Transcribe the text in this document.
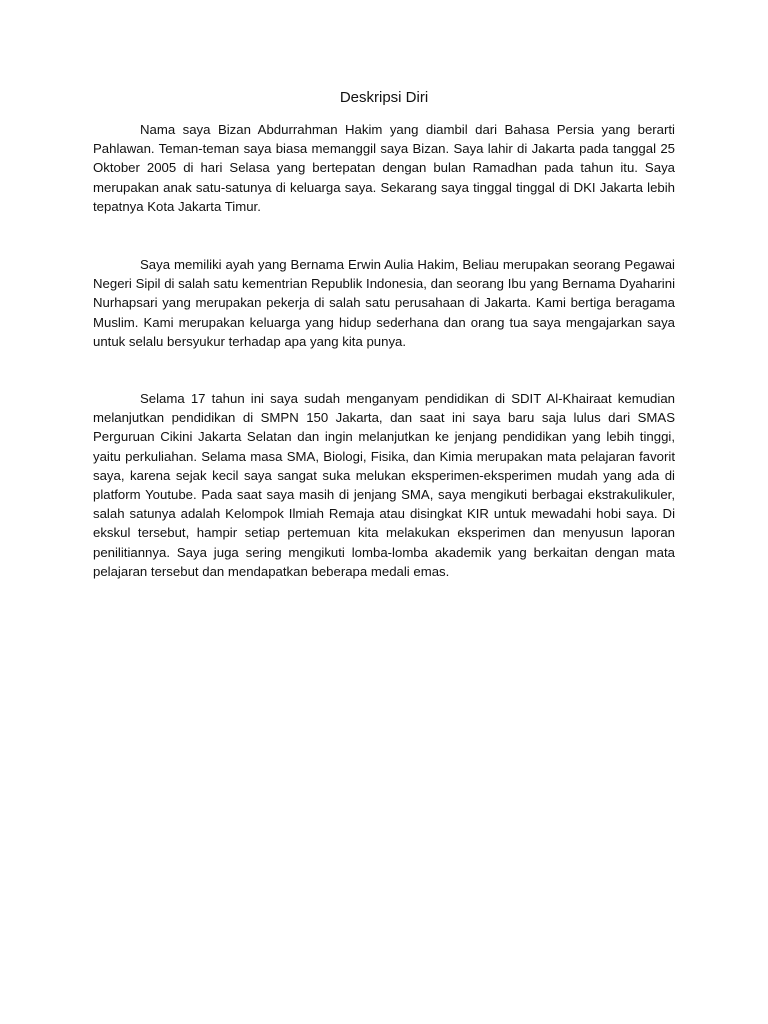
Deskripsi Diri

Nama saya Bizan Abdurrahman Hakim yang diambil dari Bahasa Persia yang berarti Pahlawan. Teman-teman saya biasa memanggil saya Bizan. Saya lahir di Jakarta pada tanggal 25 Oktober 2005 di hari Selasa yang bertepatan dengan bulan Ramadhan pada tahun itu. Saya merupakan anak satu-satunya di keluarga saya. Sekarang saya tinggal tinggal di DKI Jakarta lebih tepatnya Kota Jakarta Timur.

Saya memiliki ayah yang Bernama Erwin Aulia Hakim, Beliau merupakan seorang Pegawai Negeri Sipil di salah satu kementrian Republik Indonesia, dan seorang Ibu yang Bernama Dyaharini Nurhapsari yang merupakan pekerja di salah satu perusahaan di Jakarta. Kami bertiga beragama Muslim. Kami merupakan keluarga yang hidup sederhana dan orang tua saya mengajarkan saya untuk selalu bersyukur terhadap apa yang kita punya.

Selama 17 tahun ini saya sudah menganyam pendidikan di SDIT Al-Khairaat kemudian melanjutkan pendidikan di SMPN 150 Jakarta, dan saat ini saya baru saja lulus dari SMAS Perguruan Cikini Jakarta Selatan dan ingin melanjutkan ke jenjang pendidikan yang lebih tinggi, yaitu perkuliahan. Selama masa SMA, Biologi, Fisika, dan Kimia merupakan mata pelajaran favorit saya, karena sejak kecil saya sangat suka melukan eksperimen-eksperimen mudah yang ada di platform Youtube. Pada saat saya masih di jenjang SMA, saya mengikuti berbagai ekstrakulikuler, salah satunya adalah Kelompok Ilmiah Remaja atau disingkat KIR untuk mewadahi hobi saya. Di ekskul tersebut, hampir setiap pertemuan kita melakukan eksperimen dan menyusun laporan penilitiannya. Saya juga sering mengikuti lomba-lomba akademik yang berkaitan dengan mata pelajaran tersebut dan mendapatkan beberapa medali emas.
